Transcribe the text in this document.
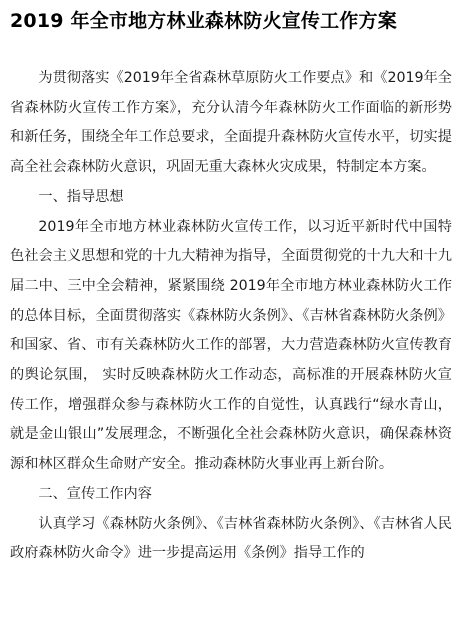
2019 年全市地方林业森林防火宣传工作方案

为贯彻落实《2019年全省森林草原防火工作要点》和《2019年全省森林防火宣传工作方案》，充分认清今年森林防火工作面临的新形势和新任务，围绕全年工作总要求，全面提升森林防火宣传水平，切实提高全社会森林防火意识，巩固无重大森林火灾成果，特制定本方案。

一、指导思想

2019年全市地方林业森林防火宣传工作，以习近平新时代中国特色社会主义思想和党的十九大精神为指导，全面贯彻党的十九大和十九届二中、三中全会精神，紧紧围绕 2019年全市地方林业森林防火工作的总体目标，全面贯彻落实《森林防火条例》、《吉林省森林防火条例》和国家、省、市有关森林防火工作的部署，大力营造森林防火宣传教育的舆论氛围， 实时反映森林防火工作动态，高标准的开展森林防火宣传工作，增强群众参与森林防火工作的自觉性，认真践行“绿水青山，就是金山银山”发展理念，不断强化全社会森林防火意识，确保森林资源和林区群众生命财产安全。推动森林防火事业再上新台阶。

二、宣传工作内容

认真学习《森林防火条例》、《吉林省森林防火条例》、《吉林省人民政府森林防火命令》进一步提高运用《条例》指导工作的
